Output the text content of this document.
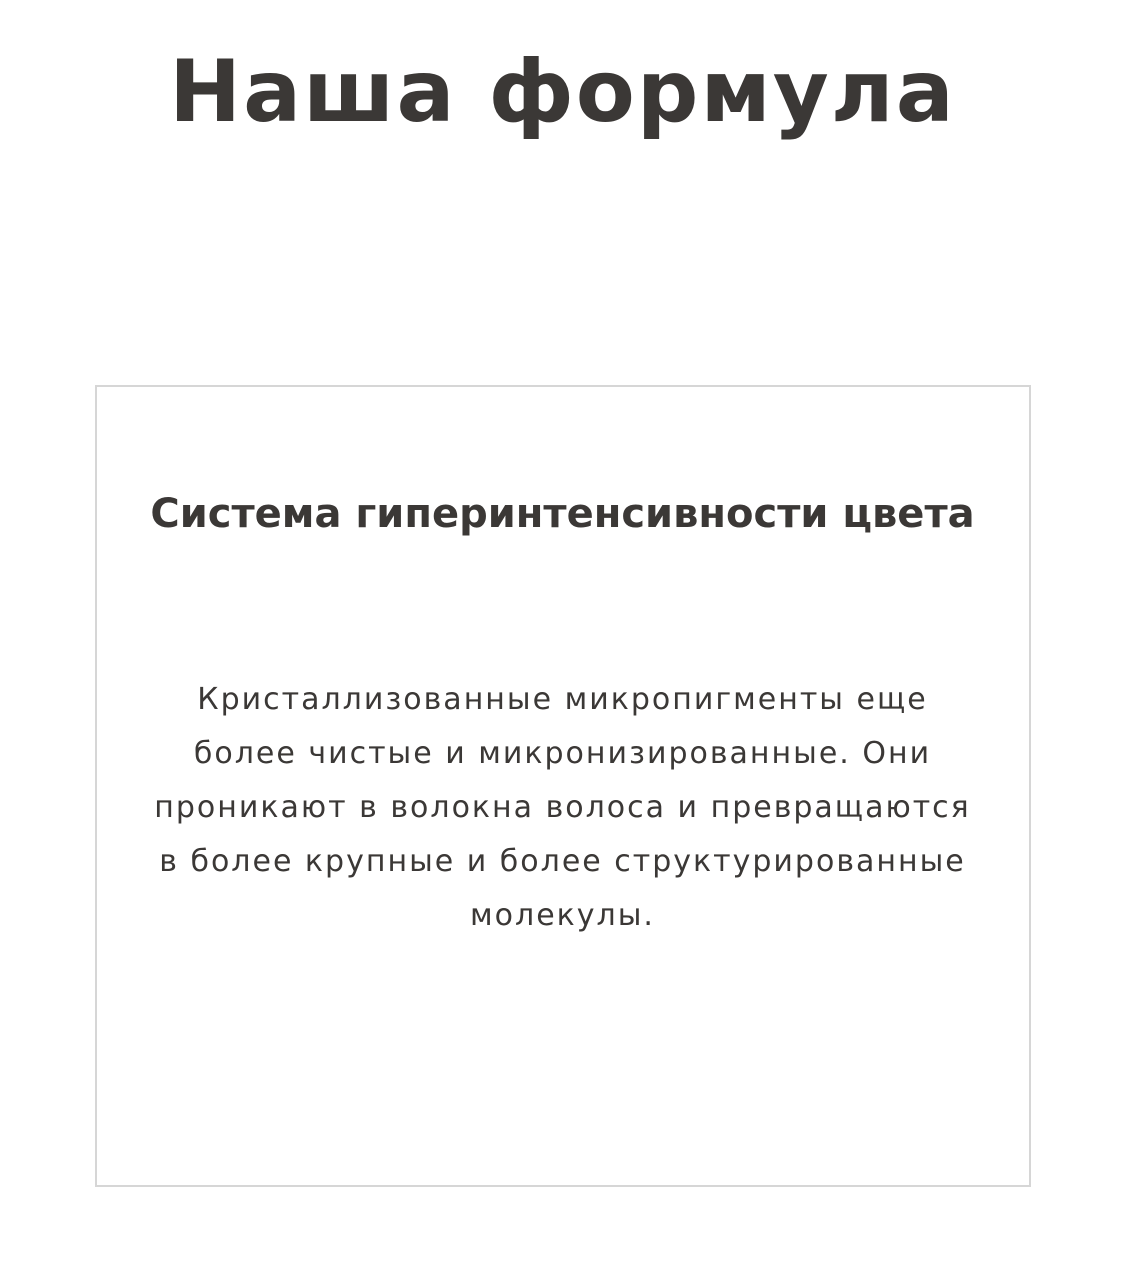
Наша формула
Система гиперинтенсивности цвета

Кристаллизованные микропигменты еще более чистые и микронизированные. Они проникают в волокна волоса и превращаются в более крупные и более структурированные молекулы.
